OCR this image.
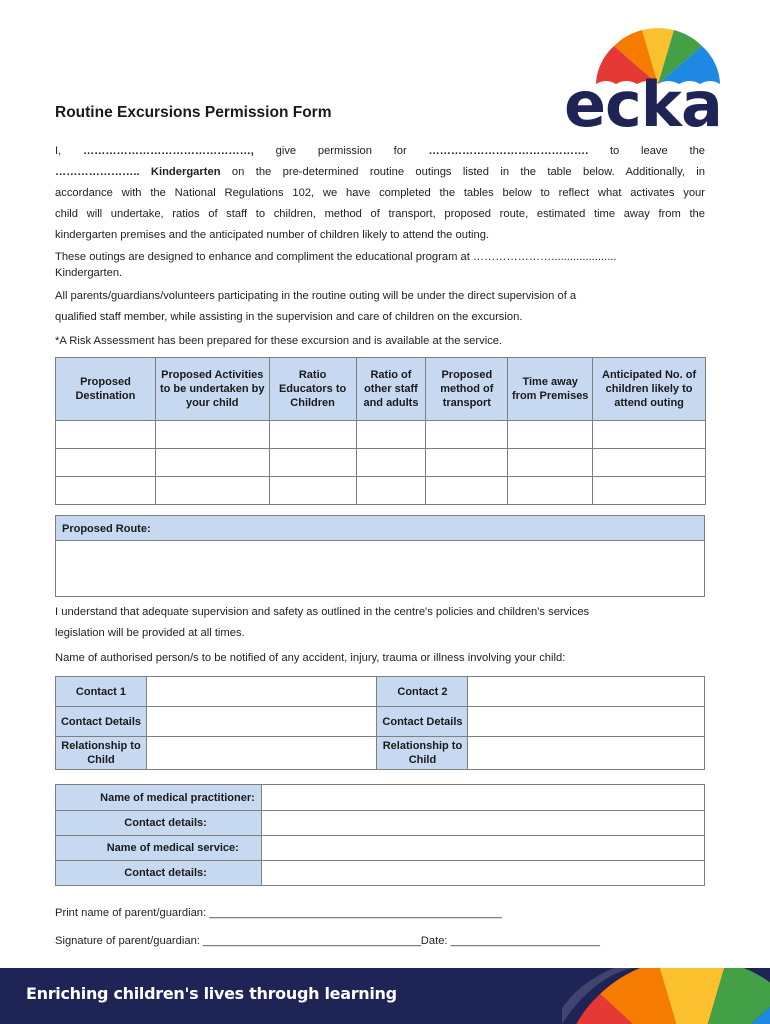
ecka
Routine Excursions Permission Form
I, ………………………………………, give permission for ……………………………………. to leave the
………………….. Kindergarten on the pre-determined routine outings listed in the table below. Additionally, in
accordance with the National Regulations 102, we have completed the tables below to reflect what activates your
child will undertake, ratios of staff to children, method of transport, proposed route, estimated time away from the
kindergarten premises and the anticipated number of children likely to attend the outing.
These outings are designed to enhance and compliment the educational program at ………………….....................
Kindergarten.
All parents/guardians/volunteers participating in the routine outing will be under the direct supervision of a
qualified staff member, while assisting in the supervision and care of children on the excursion.
*A Risk Assessment has been prepared for these excursion and is available at the service.
Proposed Destination	Proposed Activities to be undertaken by your child	Ratio Educators to Children	Ratio of other staff and adults	Proposed method of transport	Time away from Premises	Anticipated No. of children likely to attend outing

Proposed Route:
I understand that adequate supervision and safety as outlined in the centre's policies and children's services
legislation will be provided at all times.
Name of authorised person/s to be notified of any accident, injury, trauma or illness involving your child:
Contact 1		Contact 2	
Contact Details		Contact Details	
Relationship to Child		Relationship to Child	
Name of medical practitioner:	
Contact details:	
Name of medical service:	
Contact details:	
Print name of parent/guardian: _______________________________________________
Signature of parent/guardian: ___________________________________Date: ________________________
Enriching children's lives through learning
